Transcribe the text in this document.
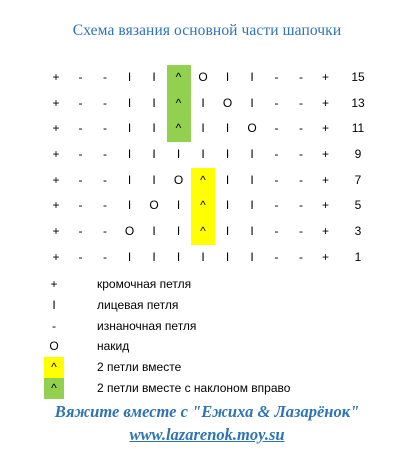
Схема вязания основной части шапочки
+	-	-	I	I	^	O	I	I	-	-	+	15
+	-	-	I	I	^	I	O	I	-	-	+	13
+	-	-	I	I	^	I	I	O	-	-	+	11
+	-	-	I	I	I	I	I	I	-	-	+	9
+	-	-	I	I	O	^	I	I	-	-	+	7
+	-	-	I	O	I	^	I	I	-	-	+	5
+	-	-	O	I	I	^	I	I	-	-	+	3
+	-	-	I	I	I	I	I	I	-	-	+	1
+	кромочная петля
I	лицевая петля
-	изнаночная петля
O	накид
^	2 петли вместе
^	2 петли вместе с наклоном вправо
Вяжите вместе с "Ежиха & Лазарёнок"
www.lazarenok.moy.su
